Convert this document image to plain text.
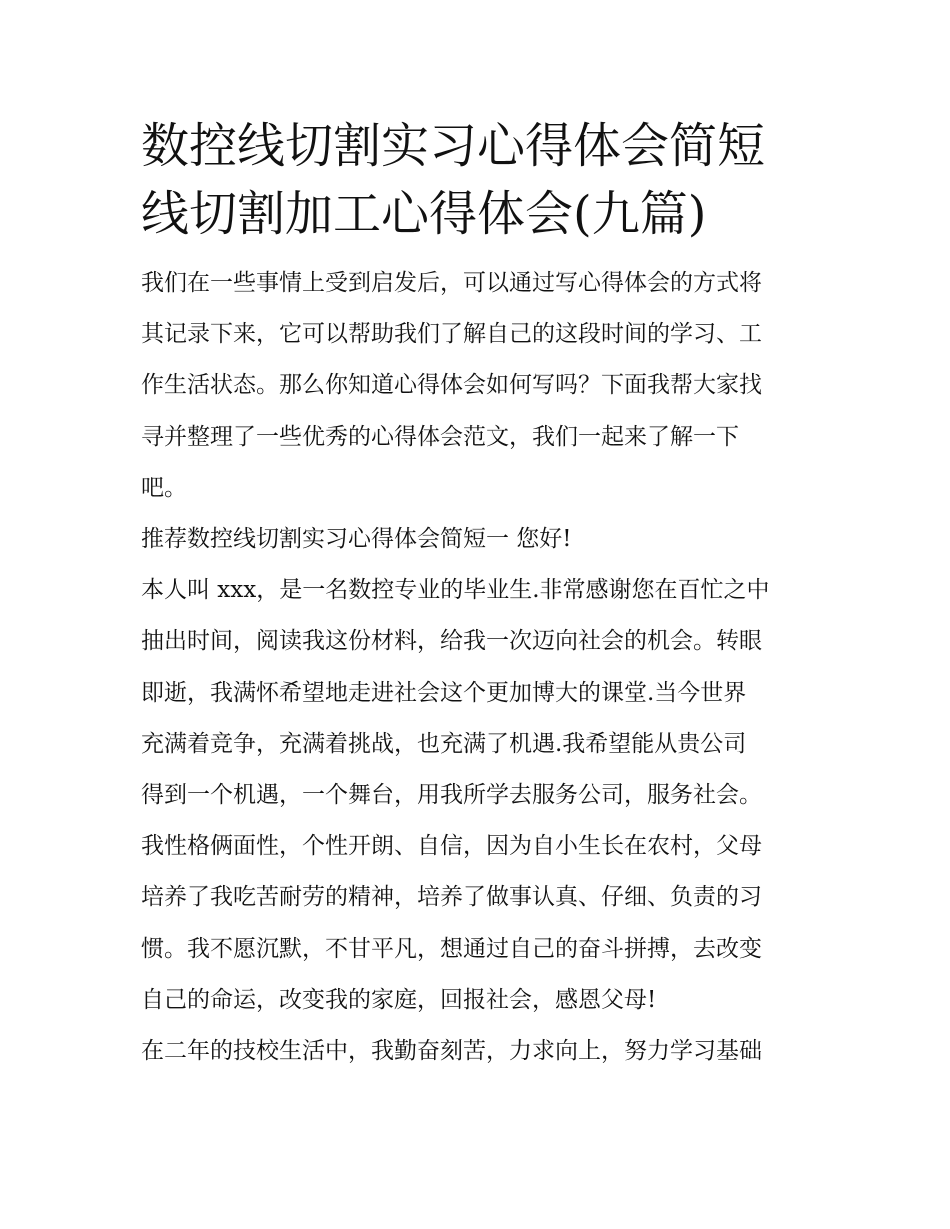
数控线切割实习心得体会简短
线切割加工心得体会(九篇)

我们在一些事情上受到启发后，可以通过写心得体会的方式将
其记录下来，它可以帮助我们了解自己的这段时间的学习、工
作生活状态。那么你知道心得体会如何写吗？下面我帮大家找
寻并整理了一些优秀的心得体会范文，我们一起来了解一下
吧。

推荐数控线切割实习心得体会简短一 您好!

本人叫 xxx，是一名数控专业的毕业生.非常感谢您在百忙之中
抽出时间，阅读我这份材料，给我一次迈向社会的机会。转眼
即逝，我满怀希望地走进社会这个更加博大的课堂.当今世界
充满着竞争，充满着挑战，也充满了机遇.我希望能从贵公司
得到一个机遇，一个舞台，用我所学去服务公司，服务社会。

我性格俩面性，个性开朗、自信，因为自小生长在农村，父母
培养了我吃苦耐劳的精神，培养了做事认真、仔细、负责的习
惯。我不愿沉默，不甘平凡，想通过自己的奋斗拼搏，去改变
自己的命运，改变我的家庭，回报社会，感恩父母!

在二年的技校生活中，我勤奋刻苦，力求向上，努力学习基础
